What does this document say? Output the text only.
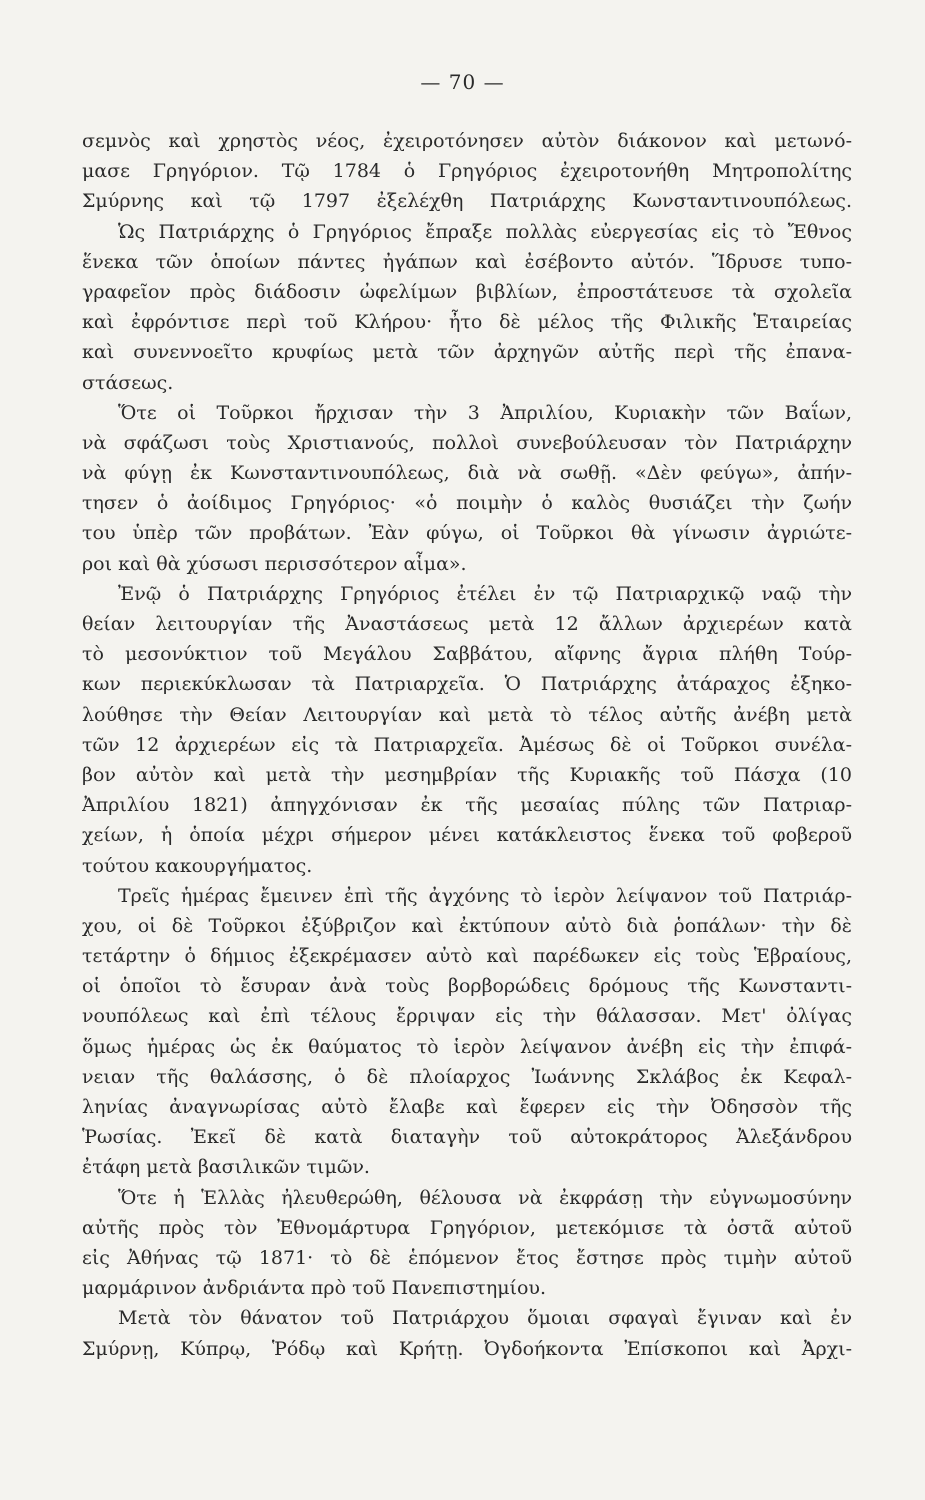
— 70 —
σεμνὸς καὶ χρηστὸς νέος, ἐχειροτόνησεν αὐτὸν διάκονον καὶ μετωνό-
μασε Γρηγόριον. Τῷ 1784 ὁ Γρηγόριος ἐχειροτονήθη Μητροπολίτης
Σμύρνης καὶ τῷ 1797 ἐξελέχθη Πατριάρχης Κωνσταντινουπόλεως.
Ὡς Πατριάρχης ὁ Γρηγόριος ἔπραξε πολλὰς εὐεργεσίας εἰς τὸ Ἔθνος
ἕνεκα τῶν ὁποίων πάντες ἠγάπων καὶ ἐσέβοντο αὐτόν. Ἵδρυσε τυπο-
γραφεῖον πρὸς διάδοσιν ὠφελίμων βιβλίων, ἐπροστάτευσε τὰ σχολεῖα
καὶ ἐφρόντισε περὶ τοῦ Κλήρου· ἦτο δὲ μέλος τῆς Φιλικῆς Ἑταιρείας
καὶ συνεννοεῖτο κρυφίως μετὰ τῶν ἀρχηγῶν αὐτῆς περὶ τῆς ἐπανα-
στάσεως.
Ὅτε οἱ Τοῦρκοι ἤρχισαν τὴν 3 Ἀπριλίου, Κυριακὴν τῶν Βαΐων,
νὰ σφάζωσι τοὺς Χριστιανούς, πολλοὶ συνεβούλευσαν τὸν Πατριάρχην
νὰ φύγῃ ἐκ Κωνσταντινουπόλεως, διὰ νὰ σωθῇ. «Δὲν φεύγω», ἀπήν-
τησεν ὁ ἀοίδιμος Γρηγόριος· «ὁ ποιμὴν ὁ καλὸς θυσιάζει τὴν ζωήν
του ὑπὲρ τῶν προβάτων. Ἐὰν φύγω, οἱ Τοῦρκοι θὰ γίνωσιν ἀγριώτε-
ροι καὶ θὰ χύσωσι περισσότερον αἷμα».
Ἐνῷ ὁ Πατριάρχης Γρηγόριος ἐτέλει ἐν τῷ Πατριαρχικῷ ναῷ τὴν
θείαν λειτουργίαν τῆς Ἀναστάσεως μετὰ 12 ἄλλων ἀρχιερέων κατὰ
τὸ μεσονύκτιον τοῦ Μεγάλου Σαββάτου, αἴφνης ἄγρια πλήθη Τούρ-
κων περιεκύκλωσαν τὰ Πατριαρχεῖα. Ὁ Πατριάρχης ἀτάραχος ἐξηκο-
λούθησε τὴν Θείαν Λειτουργίαν καὶ μετὰ τὸ τέλος αὐτῆς ἀνέβη μετὰ
τῶν 12 ἀρχιερέων εἰς τὰ Πατριαρχεῖα. Ἀμέσως δὲ οἱ Τοῦρκοι συνέλα-
βον αὐτὸν καὶ μετὰ τὴν μεσημβρίαν τῆς Κυριακῆς τοῦ Πάσχα (10
Ἀπριλίου 1821) ἀπηγχόνισαν ἐκ τῆς μεσαίας πύλης τῶν Πατριαρ-
χείων, ἡ ὁποία μέχρι σήμερον μένει κατάκλειστος ἕνεκα τοῦ φοβεροῦ
τούτου κακουργήματος.
Τρεῖς ἡμέρας ἔμεινεν ἐπὶ τῆς ἀγχόνης τὸ ἱερὸν λείψανον τοῦ Πατριάρ-
χου, οἱ δὲ Τοῦρκοι ἐξύβριζον καὶ ἐκτύπουν αὐτὸ διὰ ῥοπάλων· τὴν δὲ
τετάρτην ὁ δήμιος ἐξεκρέμασεν αὐτὸ καὶ παρέδωκεν εἰς τοὺς Ἑβραίους,
οἱ ὁποῖοι τὸ ἔσυραν ἀνὰ τοὺς βορβορώδεις δρόμους τῆς Κωνσταντι-
νουπόλεως καὶ ἐπὶ τέλους ἔρριψαν εἰς τὴν θάλασσαν. Μετ' ὀλίγας
ὅμως ἡμέρας ὡς ἐκ θαύματος τὸ ἱερὸν λείψανον ἀνέβη εἰς τὴν ἐπιφά-
νειαν τῆς θαλάσσης, ὁ δὲ πλοίαρχος Ἰωάννης Σκλάβος ἐκ Κεφαλ-
ληνίας ἀναγνωρίσας αὐτὸ ἔλαβε καὶ ἔφερεν εἰς τὴν Ὀδησσὸν τῆς
Ῥωσίας. Ἐκεῖ δὲ κατὰ διαταγὴν τοῦ αὐτοκράτορος Ἀλεξάνδρου
ἐτάφη μετὰ βασιλικῶν τιμῶν.
Ὅτε ἡ Ἑλλὰς ἠλευθερώθη, θέλουσα νὰ ἐκφράσῃ τὴν εὐγνωμοσύνην
αὐτῆς πρὸς τὸν Ἐθνομάρτυρα Γρηγόριον, μετεκόμισε τὰ ὀστᾶ αὐτοῦ
εἰς Ἀθήνας τῷ 1871· τὸ δὲ ἑπόμενον ἔτος ἔστησε πρὸς τιμὴν αὐτοῦ
μαρμάρινον ἀνδριάντα πρὸ τοῦ Πανεπιστημίου.
Μετὰ τὸν θάνατον τοῦ Πατριάρχου ὅμοιαι σφαγαὶ ἔγιναν καὶ ἐν
Σμύρνῃ, Κύπρῳ, Ῥόδῳ καὶ Κρήτῃ. Ὀγδοήκοντα Ἐπίσκοποι καὶ Ἀρχι-
